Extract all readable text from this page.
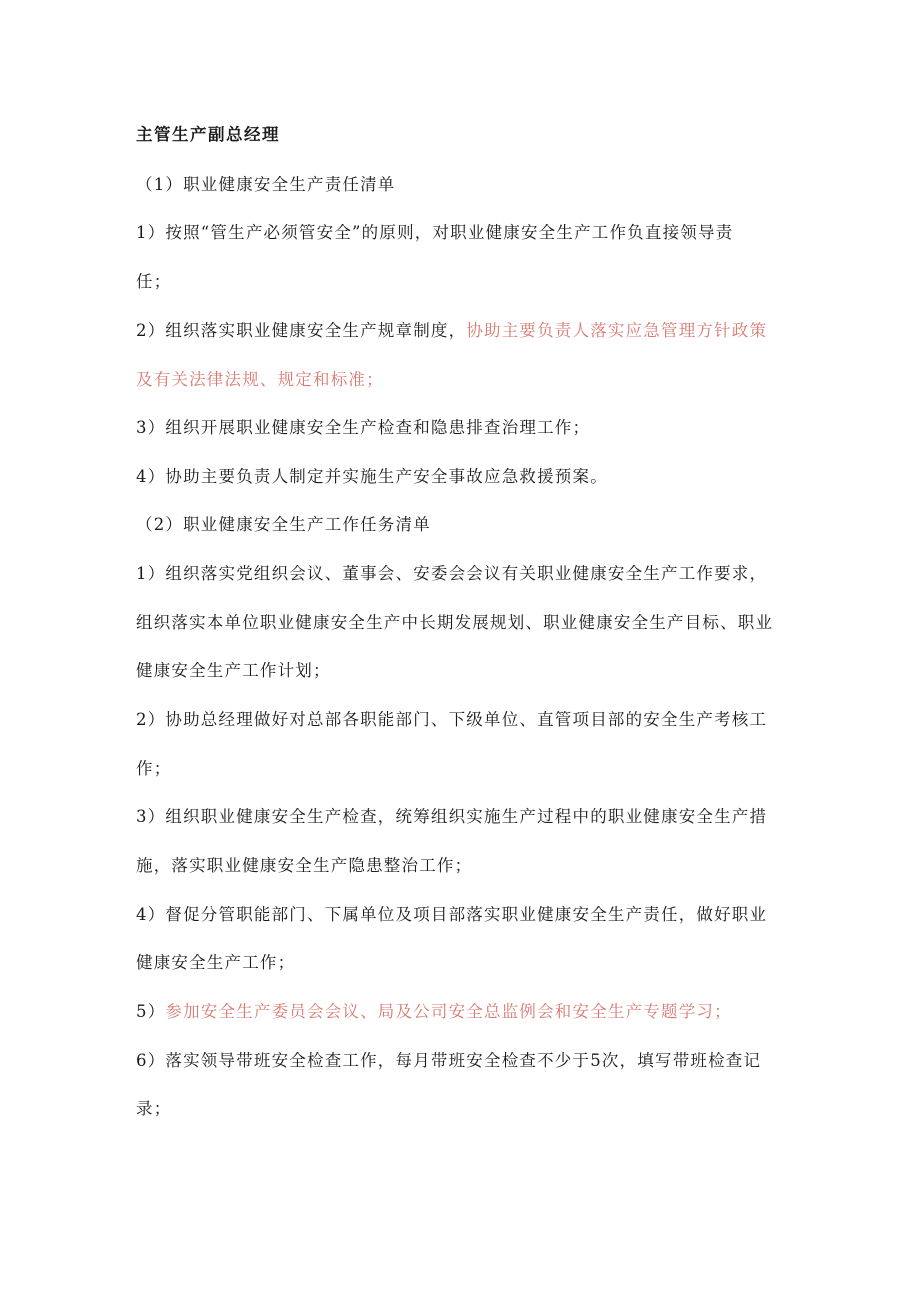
主管生产副总经理
（1）职业健康安全生产责任清单
1）按照“管生产必须管安全”的原则，对职业健康安全生产工作负直接领导责
任；
2）组织落实职业健康安全生产规章制度，协助主要负责人落实应急管理方针政策
及有关法律法规、规定和标准；
3）组织开展职业健康安全生产检查和隐患排查治理工作；
4）协助主要负责人制定并实施生产安全事故应急救援预案。
（2）职业健康安全生产工作任务清单
1）组织落实党组织会议、董事会、安委会会议有关职业健康安全生产工作要求，
组织落实本单位职业健康安全生产中长期发展规划、职业健康安全生产目标、职业
健康安全生产工作计划；
2）协助总经理做好对总部各职能部门、下级单位、直管项目部的安全生产考核工
作；
3）组织职业健康安全生产检查，统筹组织实施生产过程中的职业健康安全生产措
施，落实职业健康安全生产隐患整治工作；
4）督促分管职能部门、下属单位及项目部落实职业健康安全生产责任，做好职业
健康安全生产工作；
5）参加安全生产委员会会议、局及公司安全总监例会和安全生产专题学习；
6）落实领导带班安全检查工作，每月带班安全检查不少于5次，填写带班检查记
录；
